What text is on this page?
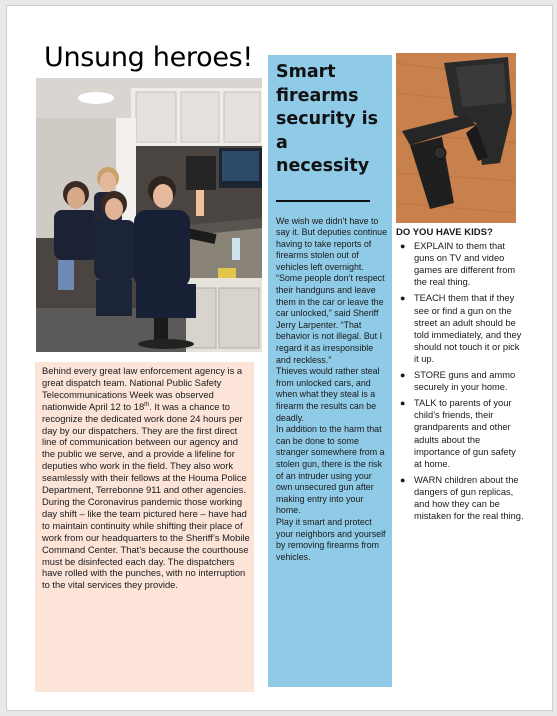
Unsung heroes!
Behind every great law enforcement agency is a great dispatch team. National Public Safety Telecommunications Week was observed nationwide April 12 to 18th. It was a chance to recognize the dedicated work done 24 hours per day by our dispatchers. They are the first direct line of communication between our agency and the public we serve, and a provide a lifeline for deputies who work in the field. They also work seamlessly with their fellows at the Houma Police Department, Terrebonne 911 and other agencies. During the Coronavirus pandemic those working day shift – like the team pictured here – have had to maintain continuity while shifting their place of work from our headquarters to the Sheriff’s Mobile Command Center. That’s because the courthouse must be disinfected each day. The dispatchers have rolled with the punches, with no interruption to the vital services they provide.
Smart firearms security is a necessity

We wish we didn’t have to say it. But deputies continue having to take reports of firearms stolen out of vehicles left overnight.

“Some people don’t respect their handguns and leave them in the car or leave the car unlocked,” said Sheriff Jerry Larpenter. “That behavior is not illegal. But I regard it as irresponsible and reckless.”

Thieves would rather steal from unlocked cars, and when what they steal is a firearm the results can be deadly.

In addition to the harm that can be done to some stranger somewhere from a stolen gun, there is the risk of an intruder using your own unsecured gun after making entry into your home.

Play it smart and protect your neighbors and yourself by removing firearms from vehicles.

DO YOU HAVE KIDS?
● EXPLAIN to them that guns on TV and video games are different from the real thing.
● TEACH them that if they see or find a gun on the street an adult should be told immediately, and they should not touch it or pick it up.
● STORE guns and ammo securely in your home.
● TALK to parents of your child’s friends, their grandparents and other adults about the importance of gun safety at home.
● WARN children about the dangers of gun replicas, and how they can be mistaken for the real thing.
